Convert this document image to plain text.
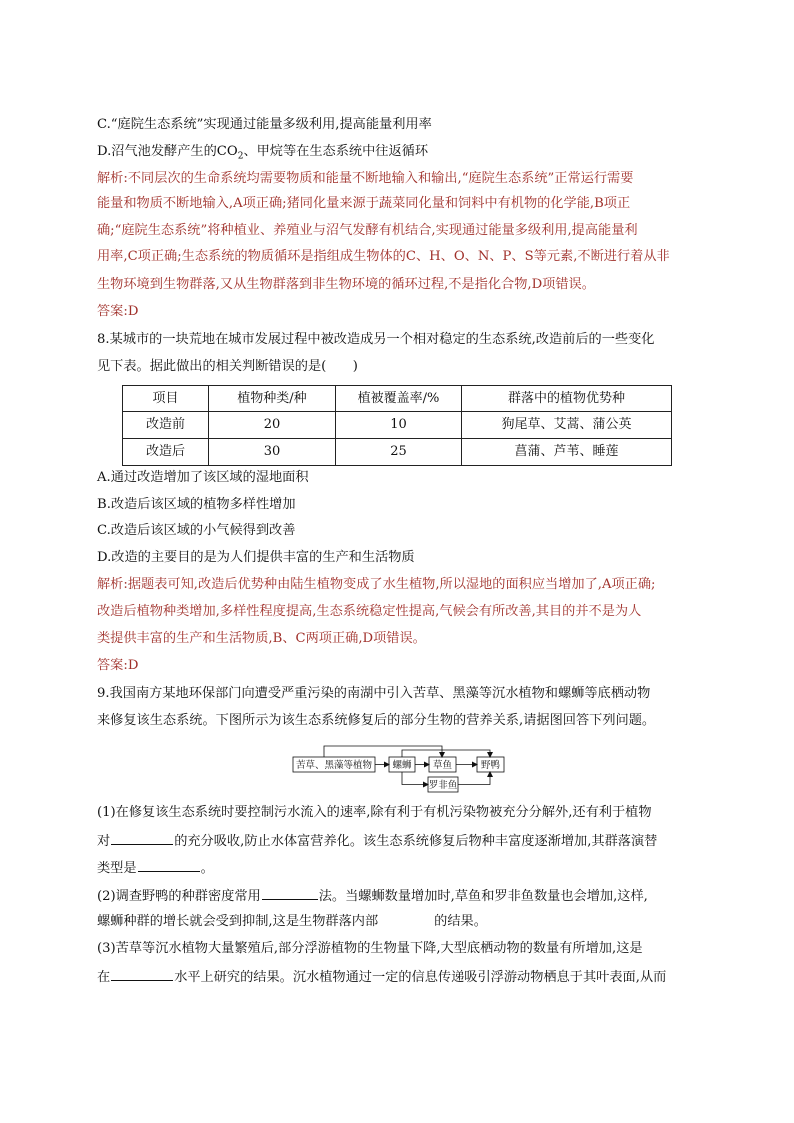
C.“庭院生态系统”实现通过能量多级利用,提高能量利用率
D.沼气池发酵产生的$CO_2$、甲烷等在生态系统中往返循环
解析:不同层次的生命系统均需要物质和能量不断地输入和输出,“庭院生态系统”正常运行需要
能量和物质不断地输入,A项正确;猪同化量来源于蔬菜同化量和饲料中有机物的化学能,B项正
确;“庭院生态系统”将种植业、养殖业与沼气发酵有机结合,实现通过能量多级利用,提高能量利
用率,C项正确;生态系统的物质循环是指组成生物体的C、H、O、N、P、S等元素,不断进行着从非
生物环境到生物群落,又从生物群落到非生物环境的循环过程,不是指化合物,D项错误。
答案:D
8.某城市的一块荒地在城市发展过程中被改造成另一个相对稳定的生态系统,改造前后的一些变化
见下表。据此做出的相关判断错误的是(　　)
项目	植物种类/种	植被覆盖率/%	群落中的植物优势种
改造前	20	10	狗尾草、艾蒿、蒲公英
改造后	30	25	菖蒲、芦苇、睡莲
A.通过改造增加了该区域的湿地面积
B.改造后该区域的植物多样性增加
C.改造后该区域的小气候得到改善
D.改造的主要目的是为人们提供丰富的生产和生活物质
解析:据题表可知,改造后优势种由陆生植物变成了水生植物,所以湿地的面积应当增加了,A项正确;
改造后植物种类增加,多样性程度提高,生态系统稳定性提高,气候会有所改善,其目的并不是为人
类提供丰富的生产和生活物质,B、C两项正确,D项错误。
答案:D
9.我国南方某地环保部门向遭受严重污染的南湖中引入苦草、黑藻等沉水植物和螺蛳等底栖动物
来修复该生态系统。下图所示为该生态系统修复后的部分生物的营养关系,请据图回答下列问题。
苦草、黑藻等植物 螺蛳 草鱼	野鸭
罗非鱼
(1)在修复该生态系统时要控制污水流入的速率,除有利于有机污染物被充分分解外,还有利于植物
对	的充分吸收,防止水体富营养化。该生态系统修复后物种丰富度逐渐增加,其群落演替
类型是	。
(2)调查野鸭的种群密度常用	法。当螺蛳数量增加时,草鱼和罗非鱼数量也会增加,这样,
螺蛳种群的增长就会受到抑制,这是生物群落内部	的结果。
(3)苦草等沉水植物大量繁殖后,部分浮游植物的生物量下降,大型底栖动物的数量有所增加,这是
在	水平上研究的结果。沉水植物通过一定的信息传递吸引浮游动物栖息于其叶表面,从而
